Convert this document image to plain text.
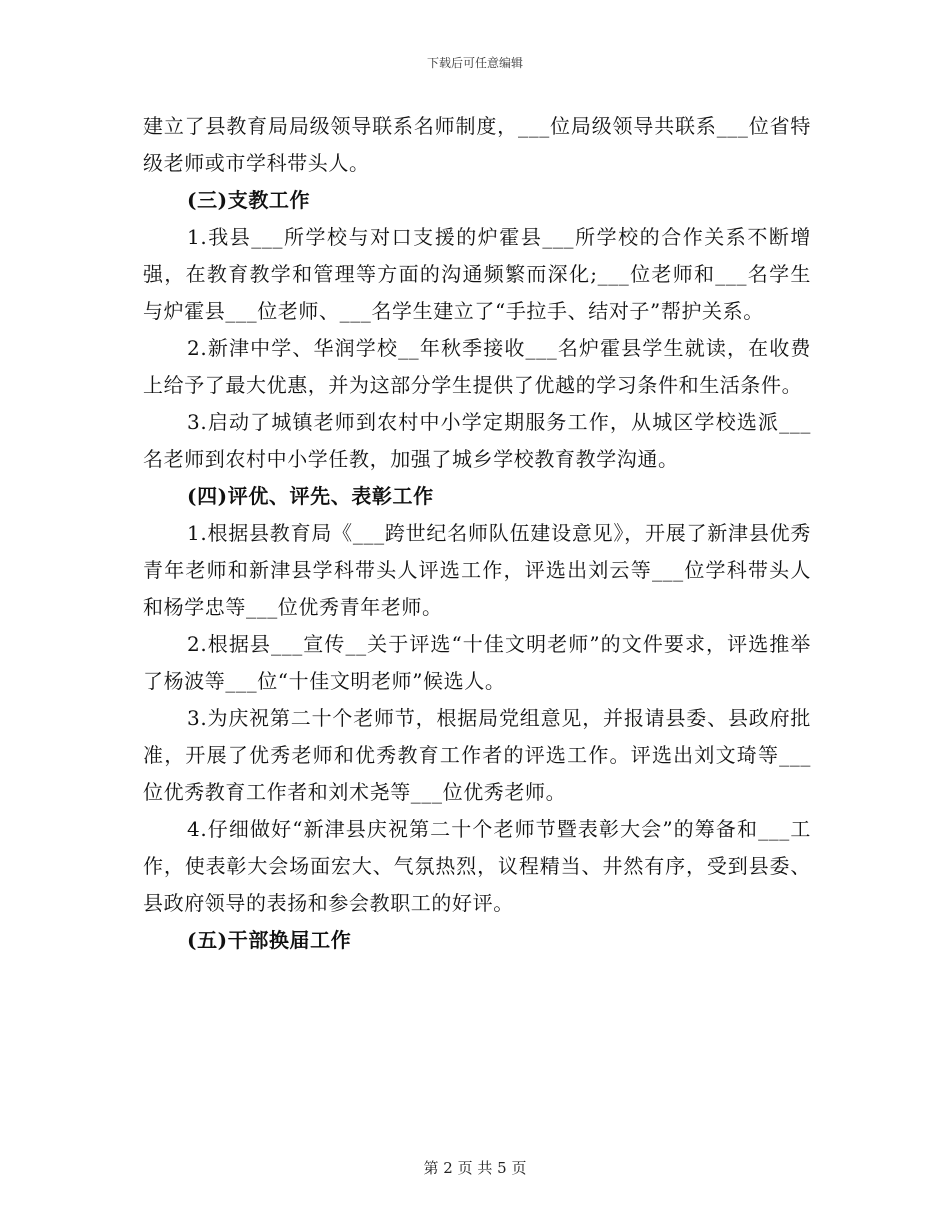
下载后可任意编辑

建立了县教育局局级领导联系名师制度，___位局级领导共联系___位省特级老师或市学科带头人。

(三)支教工作

1.我县___所学校与对口支援的炉霍县___所学校的合作关系不断增强，在教育教学和管理等方面的沟通频繁而深化;___位老师和___名学生与炉霍县___位老师、___名学生建立了“手拉手、结对子”帮护关系。

2.新津中学、华润学校__年秋季接收___名炉霍县学生就读，在收费上给予了最大优惠，并为这部分学生提供了优越的学习条件和生活条件。

3.启动了城镇老师到农村中小学定期服务工作，从城区学校选派___名老师到农村中小学任教，加强了城乡学校教育教学沟通。

(四)评优、评先、表彰工作

1.根据县教育局《___跨世纪名师队伍建设意见》，开展了新津县优秀青年老师和新津县学科带头人评选工作，评选出刘云等___位学科带头人和杨学忠等___位优秀青年老师。

2.根据县___宣传__关于评选“十佳文明老师”的文件要求，评选推举了杨波等___位“十佳文明老师”候选人。

3.为庆祝第二十个老师节，根据局党组意见，并报请县委、县政府批准，开展了优秀老师和优秀教育工作者的评选工作。评选出刘文琦等___位优秀教育工作者和刘术尧等___位优秀老师。

4.仔细做好“新津县庆祝第二十个老师节暨表彰大会”的筹备和___工作，使表彰大会场面宏大、气氛热烈，议程精当、井然有序，受到县委、县政府领导的表扬和参会教职工的好评。

(五)干部换届工作

第 2 页 共 5 页
